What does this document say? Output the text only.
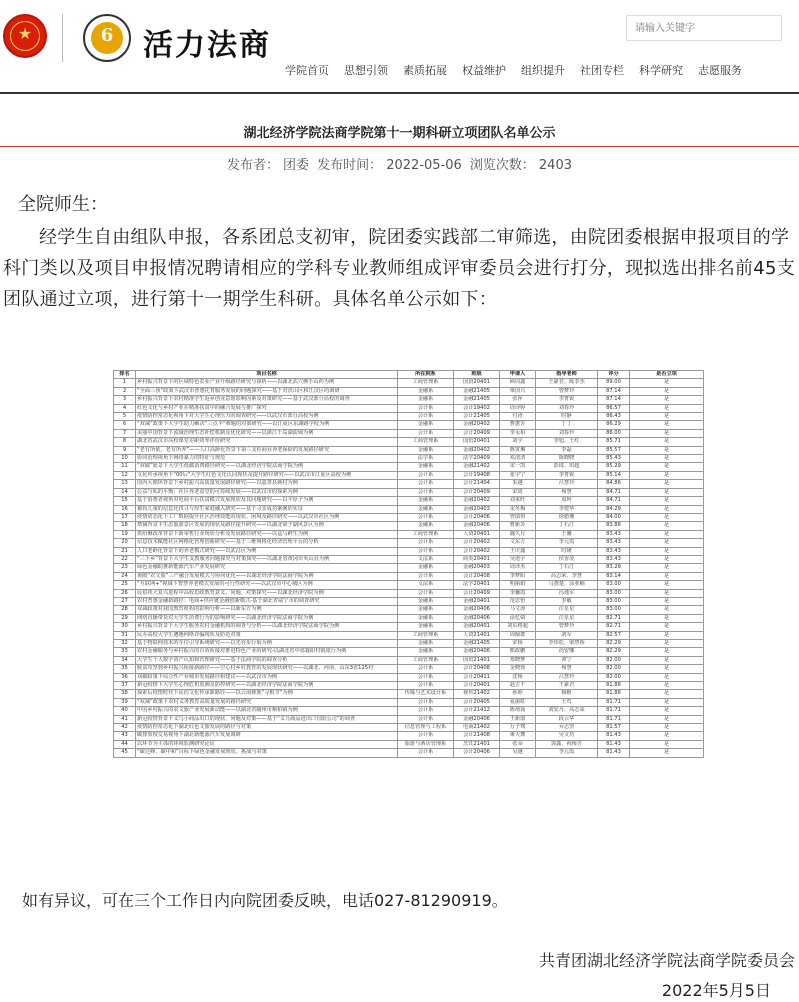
★	6 活力法商
请输入关键字
学院首页 思想引领 素质拓展 权益维护 组织提升 社团专栏 科学研究 志愿服务
湖北经济学院法商学院第十一期科研立项团队名单公示
发布者： 团委 发布时间： 2022-05-06 浏览次数： 2403
全院师生：
经学生自由组队申报，各系团总支初审，院团委实践部二审筛选，由院团委根据申报项目的学科门类以及项目申报情况聘请相应的学科专业教师组成评审委员会进行打分，现拟选出排名前45支团队通过立项，进行第十一期学生科研。具体名单公示如下：
排名	项目名称	所在院系	班级	申请人	指导老师	评分	是否立项
1	乡村振兴背景下的区域特色农业产业升级路径研究与探析——以湖北武穴佛手山药为例	工商管理系	国贸20401	顾周鑫	王豪君、陈李杰	89.00	是
2	“全面三孩”政策下武汉市普惠托育服务发展的问题探究——基于对洪山区和江汉区的调研	金融系	金融21405	梁国兴	曾梦玲	87.14	是
3	乡村振兴背景下农村精准学生返乡创业意愿影响因素及对策研究——基于武汉部分高校的调查	金融系	金融21405	张萍	李菁锐	87.14	是
4	红色文化与乡村产业在精准扶贫中的融合发展与推广探究	会计系	会计19402	周诗婷	刘春玲	86.57	是
5	疫情防控常态化视角下对大学生心理压力的调查研究——以武汉市部分高校为例	会计系	会计21405	付涛	时静	86.43	是
6	“双减”政策下大学生助力解决“三点半”难题的对策研究——以江夏区东湖路学校为例	金融系	金融20402	曹蕙芳	丁丁	86.29	是
7	美丽中国背景下流域治理生态补偿机制及优化研究——以浙江千岛湖流域为例	会计系	会计20409	李永柏	刘春玲	86.00	是
8	湖北省武汉市高校课堂差距效率评价研究	工商管理系	国贸20401	刘宇	李旭、王红	85.71	是
9	“老有所依、老有所养”——人口高龄化背景下第三支柱商业养老保险的发展路径研究	金融系	金融20402	陈寅琳	李磊	85.57	是
10	协同治理视角下网络暴力的特征与规范	法学系	法学20409	邓清清	陈晓晓	85.43	是
11	“双碳”愿景下大学生低碳消费路径研究——以湖北经济学院法商学院为例	金融系	金融21402	宋一凯	彭琦、田超	85.29	是
12	文化传承视角下“00后”大学生红色文化认同现状及提升路径研究——以武汉市江夏区高校为例	会计系	会计19408	张宇宁	李菁锐	85.14	是
13	国内大循环背景下乡村振兴高质量发展路径研究——以嘉善县蒋村为例	会计系	会计21404	朱越	吕慧玲	84.86	是
14	公益与私的平衡：社区养老食堂的可持续发展——以武汉市的探索为例	会计系	会计20409	宋琦	杨慧	84.71	是
15	基于消费者视角对电商平台扶贫模式发展现状及其问题研究——以丰厚子为例	金融系	金融20402	刘来旺	周珂	84.71	是
16	被拐儿童的信息化找寻与厚生家庭融入研究——基于寻亲成功案例的实证	金融系	金融20403	宋冬梅	李建华	84.29	是
17	疫情常态化下工厂数据提升社区治理效能的现状、困境及路径研究——以武汉市社区为例	会计系	会计20406	曾瑞琪	徐腊珊	84.00	是
18	禁摘背景下生态旅游景区发展的现状及路径提升研究——以湖北梁子湖风景区为例	金融系	金融20406	曹新苏	丁石汀	83.86	是
19	供给侧改革背景下新零售行业现状分析及发展路径研究——以盒马鲜生为例	工商管理系	人资20401	魏久月	王馨	83.43	是
20	信息技术赋能社区网格化管理创新研究——基于三维网格化经济管理平台的分析	会计系	会计20402	文东方	李元霞	83.43	是
21	人口老龄化背景下的养老模式研究——以武昌区为例	会计系	会计20402	王庆鑫	时隆	83.43	是
22	“三下乡”背景下大学生支教服务问题探究与对策探究——以湖北省黄冈市英山县为例	文法系	商英20401	吴逍宇	侯香凌	83.43	是
23	绿色金融助推新能源汽车产业发展研究	金融系	金融20403	周译杰	丁石汀	83.29	是
24	黄陂“农文旅”三产融合发展模式与协同优化——以湖北经济学院法商学院为例	会计系	会计20408	李梦阳	高志荣、李慧	83.14	是
25	“互联网+”视域下智慧养老模式发展的可行性研究——以武汉市中心城区为例	文法系	法学20401	明丽娟	马骁楚、涂亚楠	83.00	是
26	民俗伟大复兴进程中高校思政教育意义、问题、对策探究——以湖北经济学院为例	会计系	会计20409	李馨霞	冯逸军	83.00	是
27	农村普惠金融新路径：电商+供应链金融创新模式-基于湖北省咸宁市的调查研究	金融系	金融20401	范思怡	李敏	83.00	是
28	双减政策对我国教育机构的影响分析——以新东方为例	金融系	金融20406	马文涛	汪星星	83.00	是
29	网络直播带货对大学生消费行为的影响研究——以湖北经济学院法商学院为例	金融系	金融20406	涂忆婧	汪星星	82.71	是
30	乡村振兴背景下大学生服务农村金融机构的调查与分析——以湖北经济学院法商学院为例	金融系	金融20401	刘东格超	曾梦玲	82.71	是
31	民办高校大学生遭遇网络诈骗现状及防范对策	工商管理系	人资21401	周佩群	刘军	82.57	是
32	基于物联网技术的车位引导系统研究——以光谷步行街为例	金融系	金融21405	宋杨	李伟松、梁慧娇	82.29	是
33	农村金融服务与乡村振兴的有效衔接对推进特色产业的研究-以湖北省中部襄阳村镇银行为例	金融系	金融20406	熊政鹏	尚安娜	82.29	是
34	大学生个人数字资产认知和管理研究——基于法商学院的调查分析	工商管理系	国贸21401	郑晓梦	谭宁	82.00	是
35	脱贫攻坚到乡村振兴衔接新路径——空心村乡村教育的发展现状研究——以湖北、河南、山东3省125村	会计系	会计20408	金晓蓉	杨慧	82.00	是
36	双碳政策下综合性产业城市发展路径和建议——以武汉市为例	会计系	会计20411	沈杨	吕慧玲	82.00	是
37	新冠疫情下大学生心理危机监测及防控研究——以湖北经济学院法商学院为例	会计系	会计20401	赵吉千	王豪君	81.86	是
38	探索后疫情时代下民俗文化传承新路径——以云南彝族“寻根节”为例	传媒与艺术设计系	视传21402	孙婷	杨帆	81.86	是
39	“双减”政策下农村义务教育高质量发展的路径研究	会计系	会计20405	夏丽虹	王莺	81.71	是
40	中国乡村振兴的农文旅产业发展新动能——以湖北省随州市桐柏镇为例	会计系	会计21412	陈靖茹	刘安丹、高志荣	81.71	是
41	新冠疫情背景下义乌小商品出口的现状、问题及对策——基于“义乌商品进出口有限公司”的调查	会计系	金融20406	王新康	段云华	81.71	是
42	疫情防控常态化下湖北红色文旅发展的路径与对策	信息管理与工程系	电商21402	万子骞	乔志坚	81.57	是
43	碳排放权交易视角下湖北新能源汽车发展调研	会计系	会计21408	柬天舞	吴文功	81.43	是
44	以环节为主体的环境监测研究论证	旅游与酒店管理系	烹饪21401	张朵	郭鑫、祝梅芳	81.43	是
45	“碳达峰、碳中和”目标下绿色金融发展现状、挑战与对策	会计系	会计20406	吴越	李元霞	81.43	是
如有异议，可在三个工作日内向院团委反映，电话027-81290919。
共青团湖北经济学院法商学院委员会
2022年5月5日
